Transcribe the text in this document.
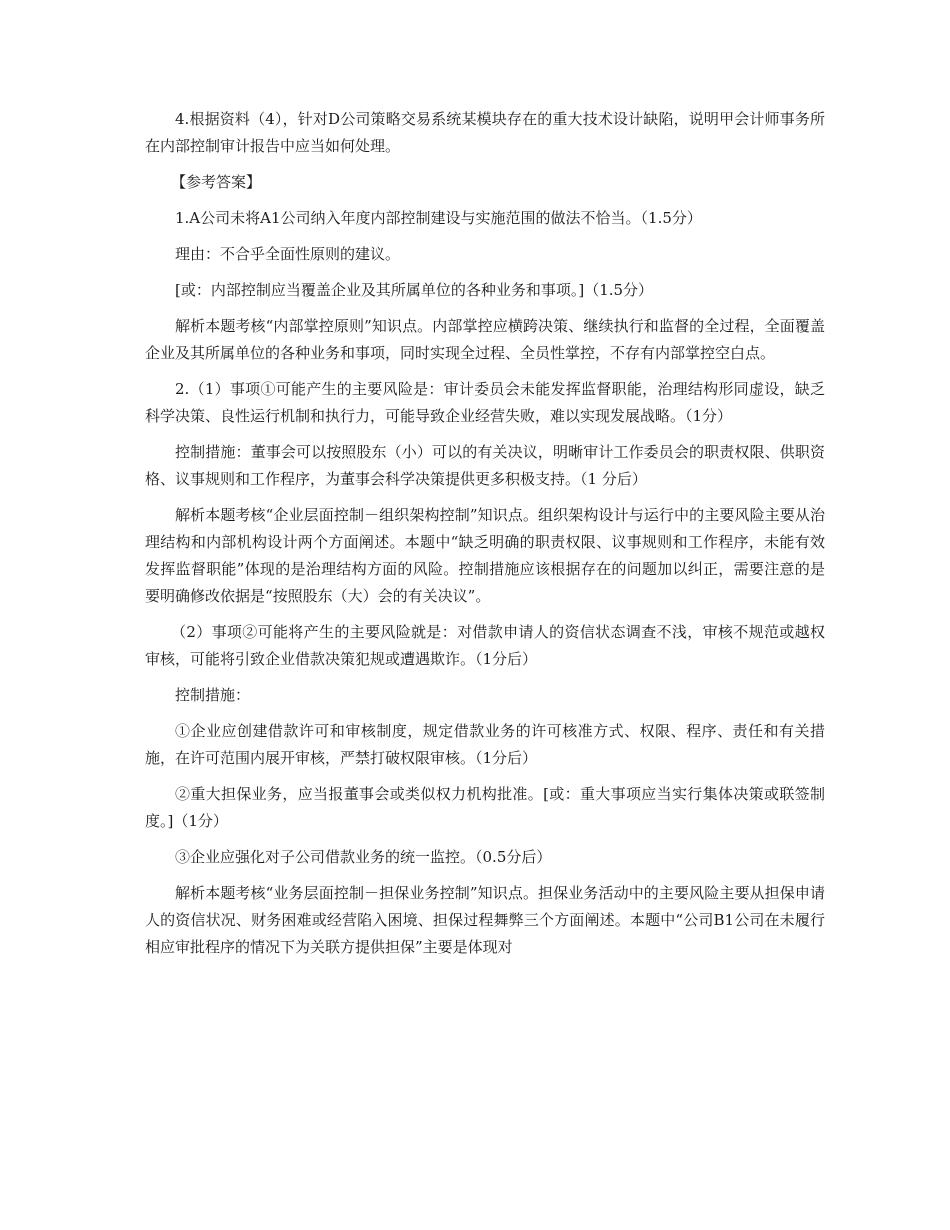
4.根据资料（4），针对D公司策略交易系统某模块存在的重大技术设计缺陷，说明甲会计师事务所在内部控制审计报告中应当如何处理。

【参考答案】

1.A公司未将A1公司纳入年度内部控制建设与实施范围的做法不恰当。（1.5分）

理由：不合乎全面性原则的建议。

[或：内部控制应当覆盖企业及其所属单位的各种业务和事项。]（1.5分）

解析本题考核“内部掌控原则”知识点。内部掌控应横跨决策、继续执行和监督的全过程，全面覆盖企业及其所属单位的各种业务和事项，同时实现全过程、全员性掌控，不存有内部掌控空白点。

2.（1）事项①可能产生的主要风险是：审计委员会未能发挥监督职能，治理结构形同虚设，缺乏科学决策、良性运行机制和执行力，可能导致企业经营失败，难以实现发展战略。（1分）

控制措施：董事会可以按照股东（小）可以的有关决议，明晰审计工作委员会的职责权限、供职资格、议事规则和工作程序，为董事会科学决策提供更多积极支持。（1 分后）

解析本题考核“企业层面控制－组织架构控制”知识点。组织架构设计与运行中的主要风险主要从治理结构和内部机构设计两个方面阐述。本题中“缺乏明确的职责权限、议事规则和工作程序，未能有效发挥监督职能”体现的是治理结构方面的风险。控制措施应该根据存在的问题加以纠正，需要注意的是要明确修改依据是“按照股东（大）会的有关决议”。

（2）事项②可能将产生的主要风险就是：对借款申请人的资信状态调查不浅，审核不规范或越权审核，可能将引致企业借款决策犯规或遭遇欺诈。（1分后）

控制措施：

①企业应创建借款许可和审核制度，规定借款业务的许可核准方式、权限、程序、责任和有关措施，在许可范围内展开审核，严禁打破权限审核。（1分后）

②重大担保业务，应当报董事会或类似权力机构批准。[或：重大事项应当实行集体决策或联签制度。]（1分）

③企业应强化对子公司借款业务的统一监控。（0.5分后）

解析本题考核“业务层面控制－担保业务控制”知识点。担保业务活动中的主要风险主要从担保申请人的资信状况、财务困难或经营陷入困境、担保过程舞弊三个方面阐述。本题中“公司B1公司在未履行相应审批程序的情况下为关联方提供担保”主要是体现对
